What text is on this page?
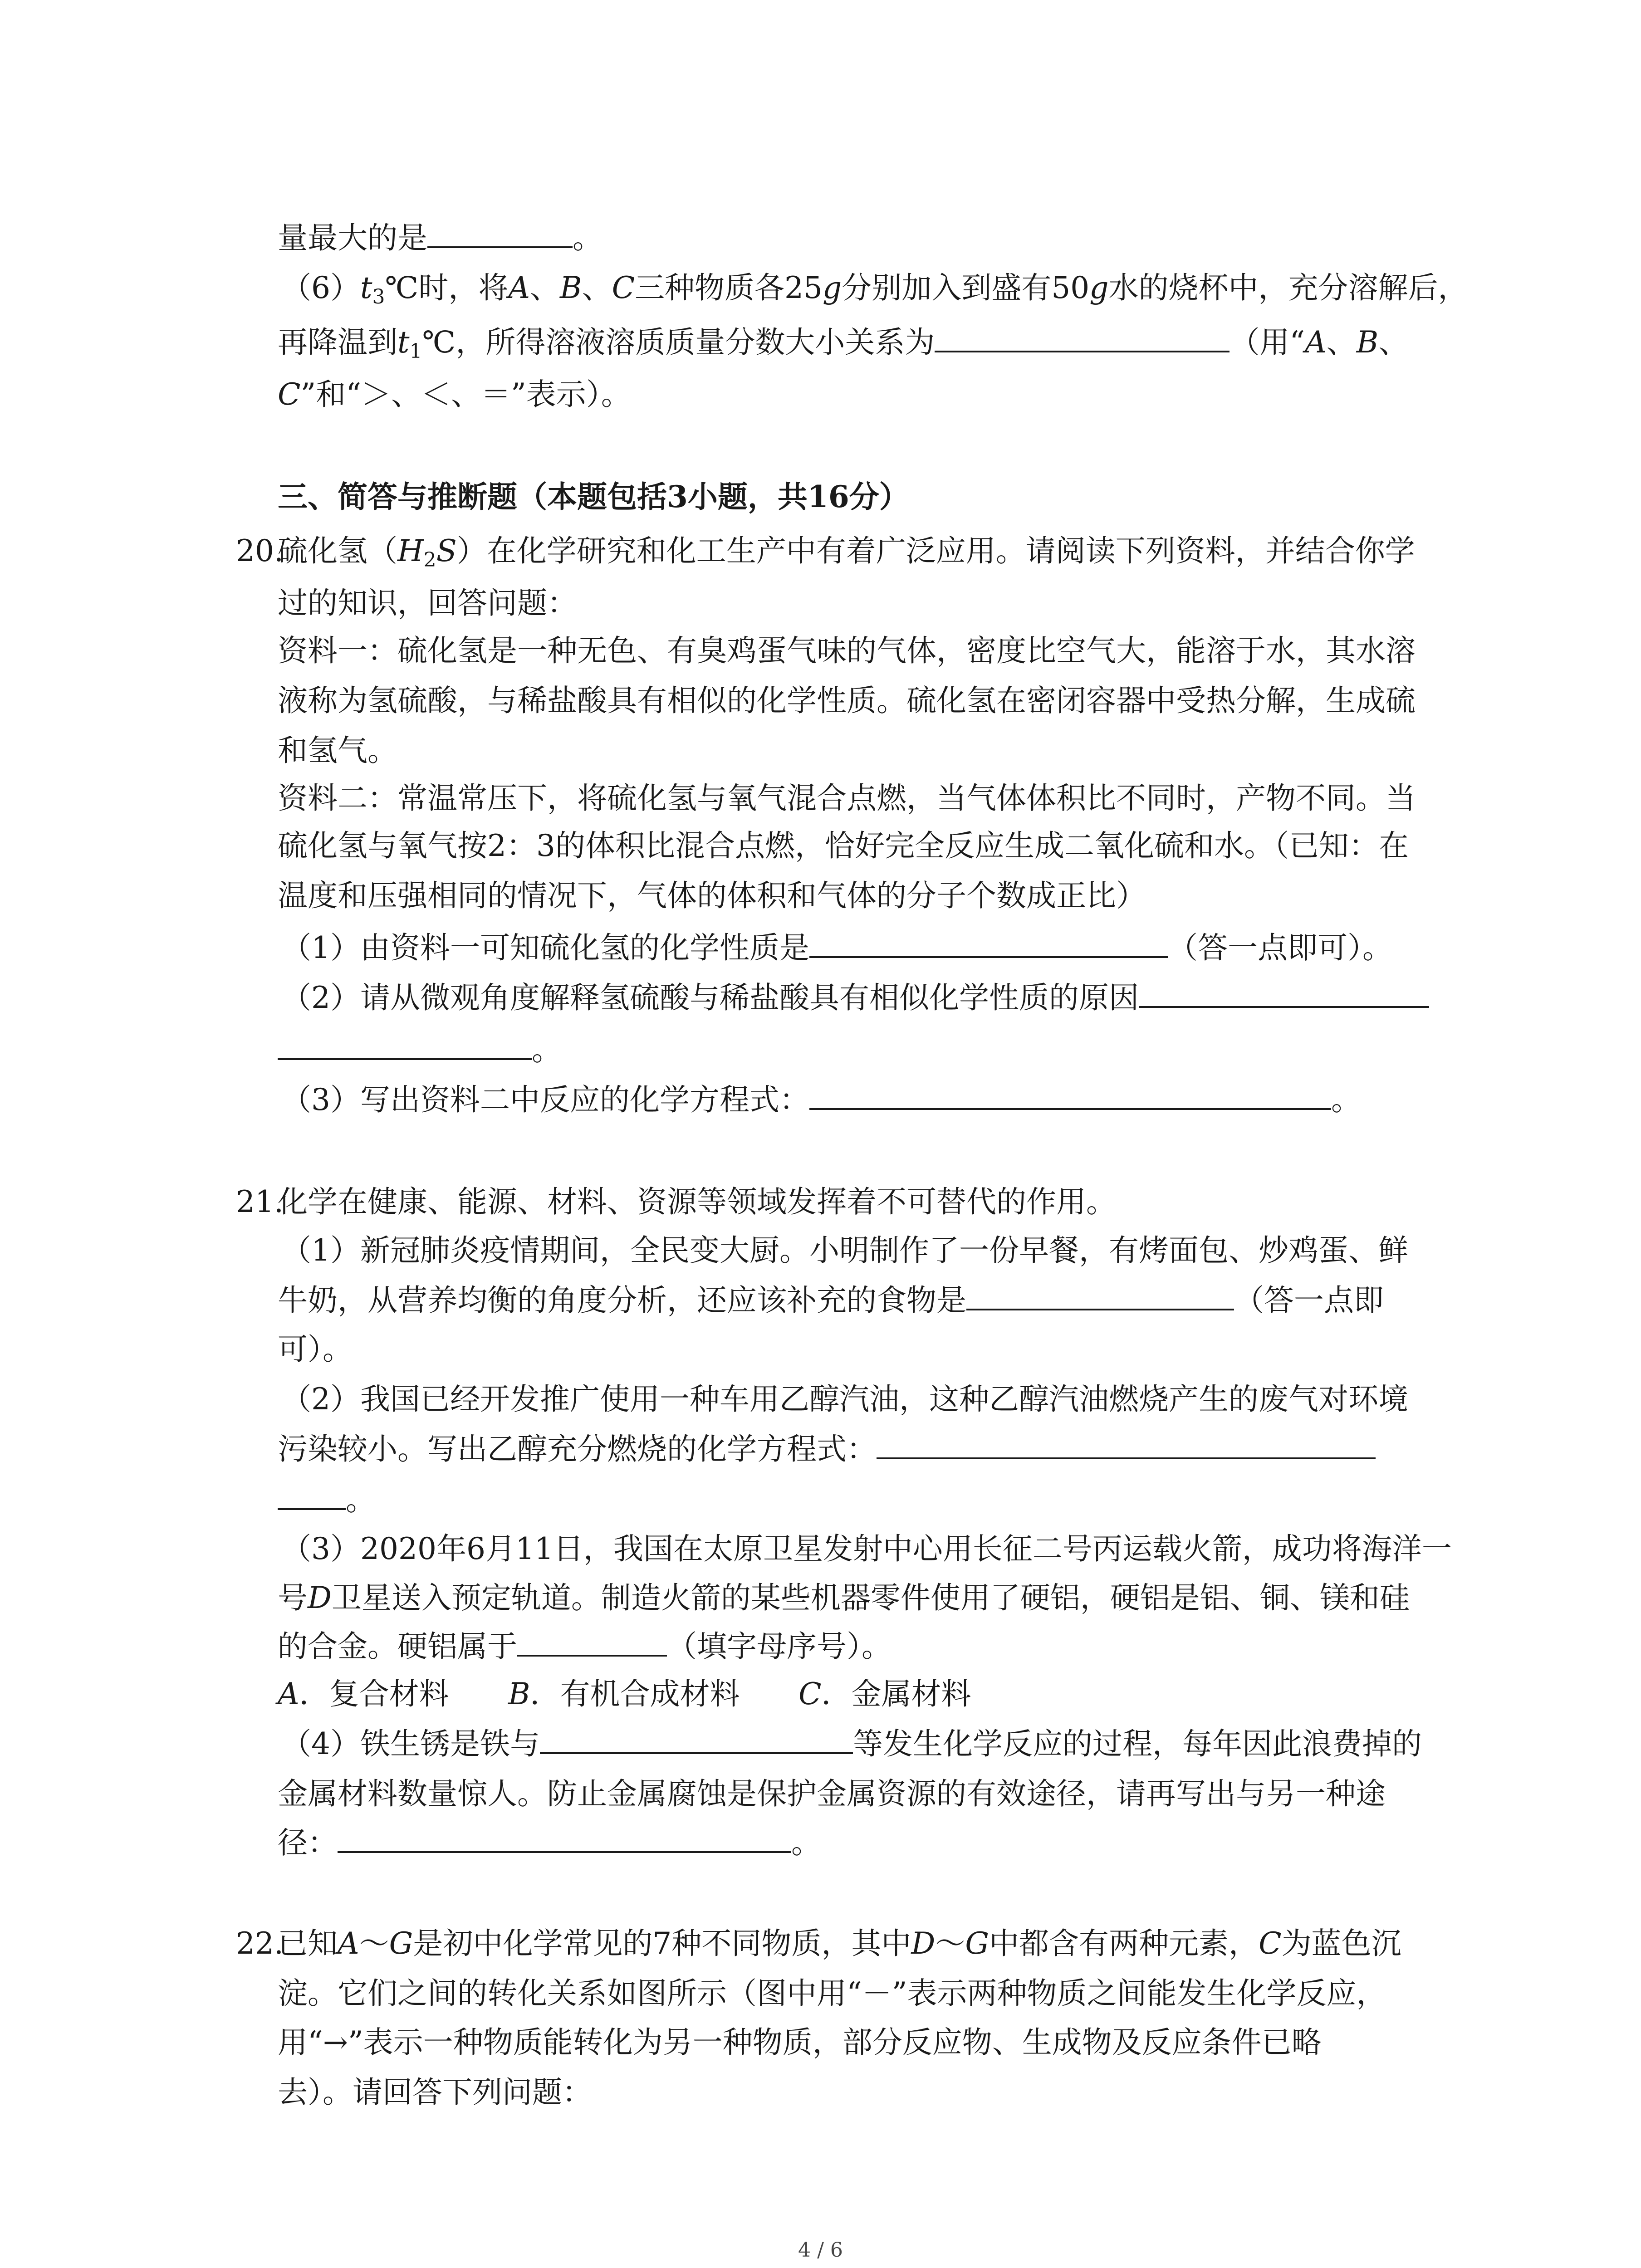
量最大的是	。
$(6)t_3℃$时，将A、B、C三种物质各25g分别加入到盛有50g水的烧杯中，充分溶解后，
再降温到$t_1℃$，所得溶液溶质质量分数大小关系为	（用“A、B、
C”和“＞、＜、＝”表示）。
三、简答与推断题（本题包括3小题，共16分）
20.
硫化氢$(H_2S)$在化学研究和化工生产中有着广泛应用。请阅读下列资料，并结合你学
过的知识，回答问题：
资料一：硫化氢是一种无色、有臭鸡蛋气味的气体，密度比空气大，能溶于水，其水溶
液称为氢硫酸，与稀盐酸具有相似的化学性质。硫化氢在密闭容器中受热分解，生成硫
和氢气。
资料二：常温常压下，将硫化氢与氧气混合点燃，当气体体积比不同时，产物不同。当
硫化氢与氧气按2：3的体积比混合点燃，恰好完全反应生成二氧化硫和水。（已知：在
温度和压强相同的情况下，气体的体积和气体的分子个数成正比）
（1）由资料一可知硫化氢的化学性质是	（答一点即可）。
（2）请从微观角度解释氢硫酸与稀盐酸具有相似化学性质的原因
。
（3）写出资料二中反应的化学方程式：	。
21.
化学在健康、能源、材料、资源等领域发挥着不可替代的作用。
（1）新冠肺炎疫情期间，全民变大厨。小明制作了一份早餐，有烤面包、炒鸡蛋、鲜
牛奶，从营养均衡的角度分析，还应该补充的食物是	（答一点即
可）。
（2）我国已经开发推广使用一种车用乙醇汽油，这种乙醇汽油燃烧产生的废气对环境
污染较小。写出乙醇充分燃烧的化学方程式：
。
（3）2020年6月11日，我国在太原卫星发射中心用长征二号丙运载火箭，成功将海洋一
号D卫星送入预定轨道。制造火箭的某些机器零件使用了硬铝，硬铝是铝、铜、镁和硅
的合金。硬铝属于	（填字母序号）。
A．复合材料 B．有机合成材料 C．金属材料
（4）铁生锈是铁与	等发生化学反应的过程，每年因此浪费掉的
金属材料数量惊人。防止金属腐蚀是保护金属资源的有效途径，请再写出与另一种途
径：	。
22.
已知A～G是初中化学常见的7种不同物质，其中D～G中都含有两种元素，C为蓝色沉
淀。它们之间的转化关系如图所示（图中用“－”表示两种物质之间能发生化学反应，
用“→”表示一种物质能转化为另一种物质，部分反应物、生成物及反应条件已略
去）。请回答下列问题：
4 / 6
